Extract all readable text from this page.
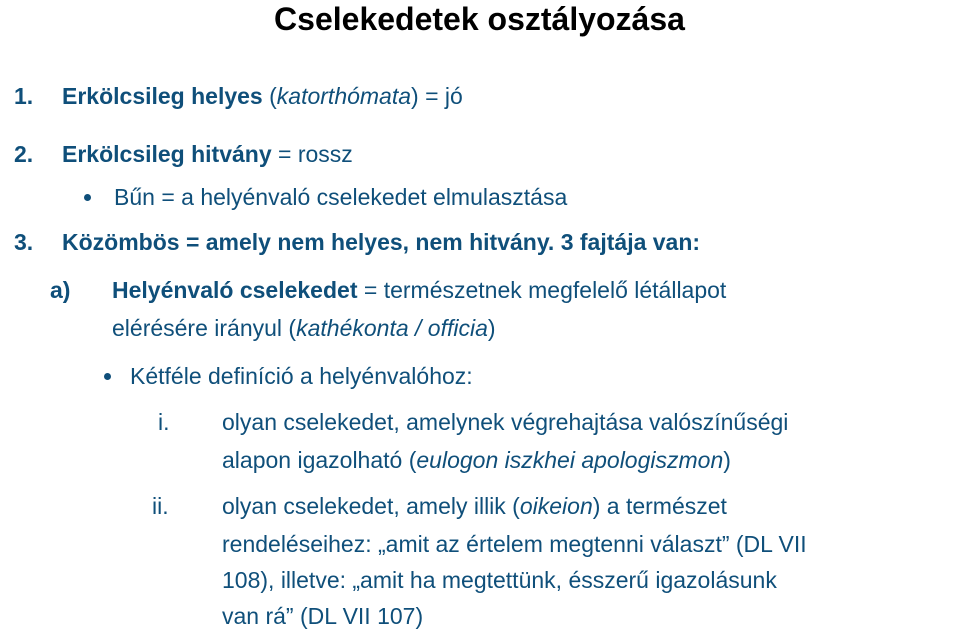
Cselekedetek osztályozása
1. Erkölcsileg helyes (katorthómata) = jó
2. Erkölcsileg hitvány = rossz
Bűn = a helyénvaló cselekedet elmulasztása
3. Közömbös = amely nem helyes, nem hitvány. 3 fajtája van:
a) Helyénvaló cselekedet = természetnek megfelelő létállapot
elérésére irányul (kathékonta / officia)
Kétféle definíció a helyénvalóhoz:
i. olyan cselekedet, amelynek végrehajtása valószínűségi
alapon igazolható (eulogon iszkhei apologiszmon)
ii. olyan cselekedet, amely illik (oikeion) a természet
rendeléseihez: „amit az értelem megtenni választ” (DL VII
108), illetve: „amit ha megtettünk, ésszerű igazolásunk
van rá” (DL VII 107)
